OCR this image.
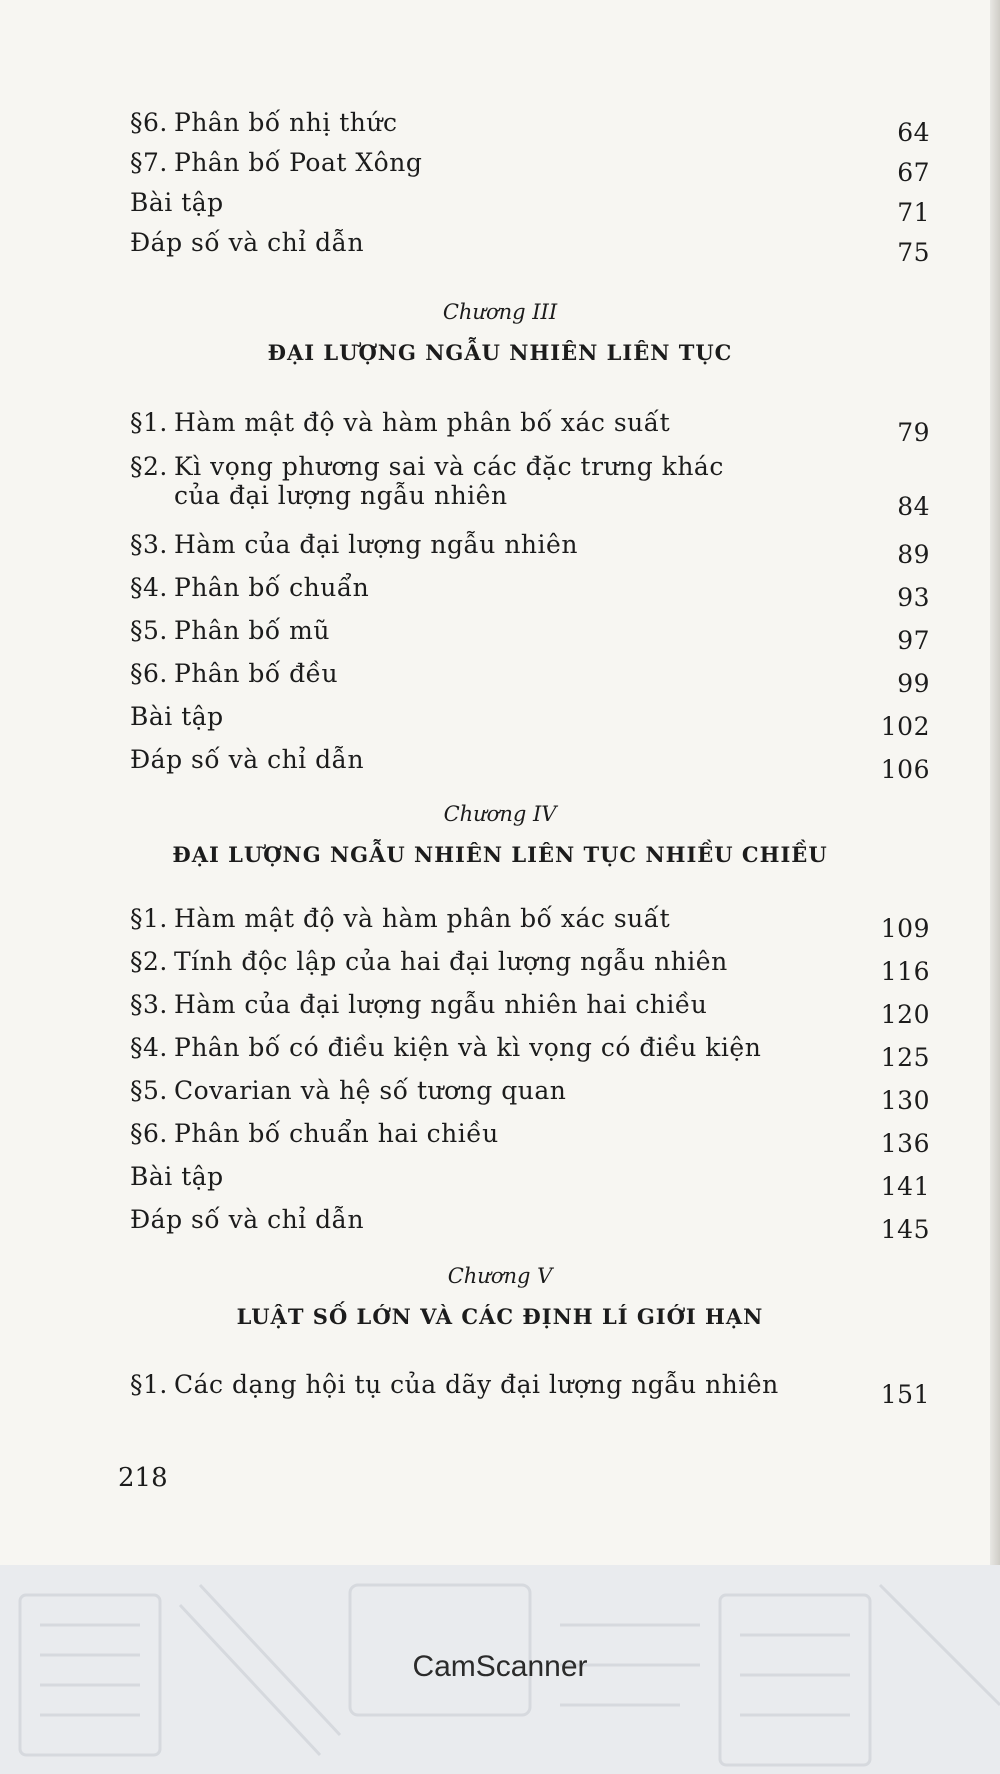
§6. Phân bố nhị thức	64
§7. Phân bố Poat Xông	67
Bài tập	71
Đáp số và chỉ dẫn	75
Chương III
ĐẠI LƯỢNG NGẪU NHIÊN LIÊN TỤC
§1. Hàm mật độ và hàm phân bố xác suất	79
§2. Kì vọng phương sai và các đặc trưng khác
của đại lượng ngẫu nhiên	84
§3. Hàm của đại lượng ngẫu nhiên	89
§4. Phân bố chuẩn	93
§5. Phân bố mũ	97
§6. Phân bố đều	99
Bài tập	102
Đáp số và chỉ dẫn	106
Chương IV
ĐẠI LƯỢNG NGẪU NHIÊN LIÊN TỤC NHIỀU CHIỀU
§1. Hàm mật độ và hàm phân bố xác suất	109
§2. Tính độc lập của hai đại lượng ngẫu nhiên	116
§3. Hàm của đại lượng ngẫu nhiên hai chiều	120
§4. Phân bố có điều kiện và kì vọng có điều kiện	125
§5. Covarian và hệ số tương quan	130
§6. Phân bố chuẩn hai chiều	136
Bài tập	141
Đáp số và chỉ dẫn	145
Chương V
LUẬT SỐ LỚN VÀ CÁC ĐỊNH LÍ GIỚI HẠN
§1. Các dạng hội tụ của dãy đại lượng ngẫu nhiên	151
218
CamScanner
